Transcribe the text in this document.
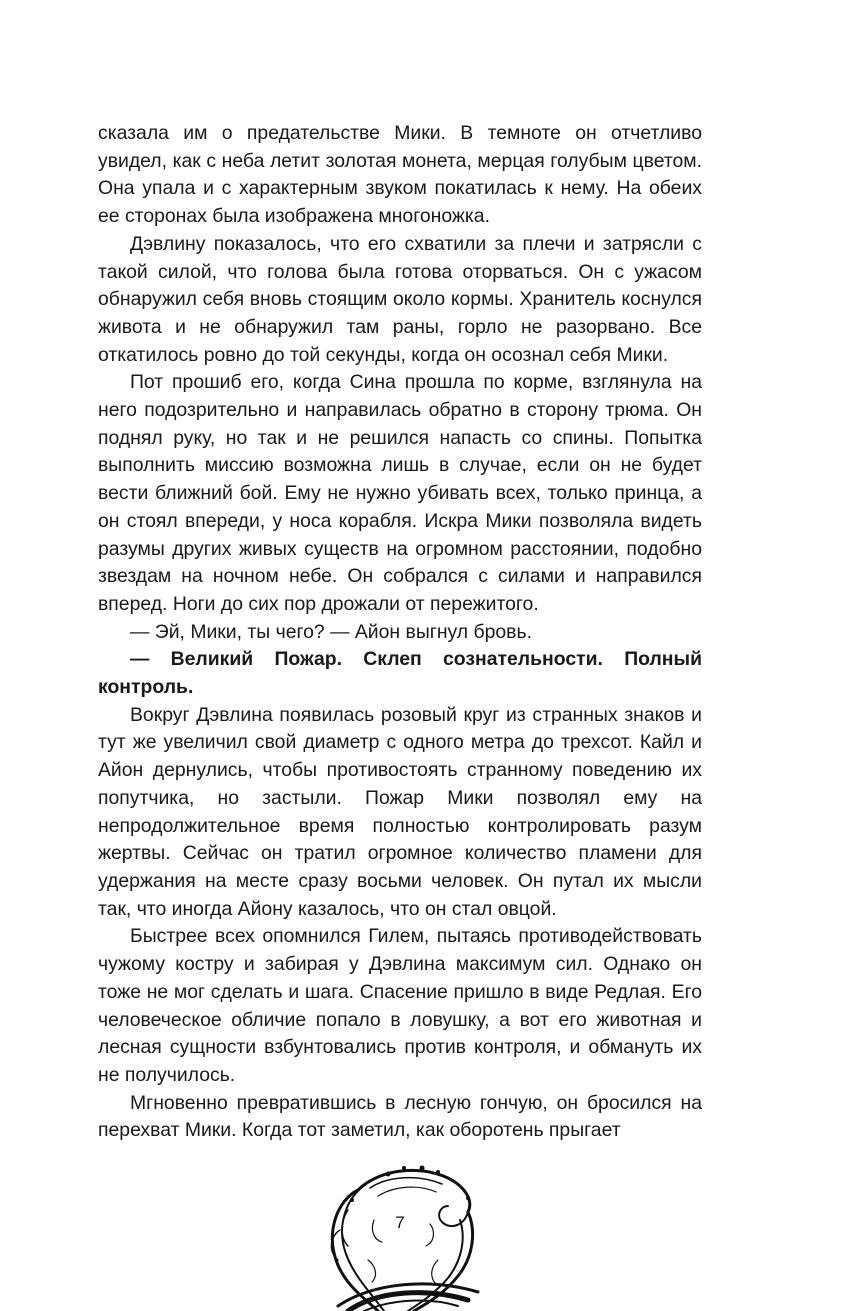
сказала им о предательстве Мики. В темноте он отчетливо увидел, как с неба летит золотая монета, мерцая голубым цветом. Она упала и с характерным звуком покатилась к нему. На обеих ее сторонах была изображена многоножка.

Дэвлину показалось, что его схватили за плечи и затрясли с такой силой, что голова была готова оторваться. Он с ужасом обнаружил себя вновь стоящим около кормы. Хранитель коснулся живота и не обнаружил там раны, горло не разорвано. Все откатилось ровно до той секунды, когда он осознал себя Мики.

Пот прошиб его, когда Сина прошла по корме, взглянула на него подозрительно и направилась обратно в сторону трюма. Он поднял руку, но так и не решился напасть со спины. Попытка выполнить миссию возможна лишь в случае, если он не будет вести ближний бой. Ему не нужно убивать всех, только принца, а он стоял впереди, у носа корабля. Искра Мики позволяла видеть разумы других живых существ на огромном расстоянии, подобно звездам на ночном небе. Он собрался с силами и направился вперед. Ноги до сих пор дрожали от пережитого.

— Эй, Мики, ты чего? — Айон выгнул бровь.

— Великий Пожар. Склеп сознательности. Полный контроль.

Вокруг Дэвлина появилась розовый круг из странных знаков и тут же увеличил свой диаметр с одного метра до трехсот. Кайл и Айон дернулись, чтобы противостоять странному поведению их попутчика, но застыли. Пожар Мики позволял ему на непродолжительное время полностью контролировать разум жертвы. Сейчас он тратил огромное количество пламени для удержания на месте сразу восьми человек. Он путал их мысли так, что иногда Айону казалось, что он стал овцой.

Быстрее всех опомнился Гилем, пытаясь противодействовать чужому костру и забирая у Дэвлина максимум сил. Однако он тоже не мог сделать и шага. Спасение пришло в виде Редлая. Его человеческое обличие попало в ловушку, а вот его животная и лесная сущности взбунтовались против контроля, и обмануть их не получилось.

Мгновенно превратившись в лесную гончую, он бросился на перехват Мики. Когда тот заметил, как оборотень прыгает

7
